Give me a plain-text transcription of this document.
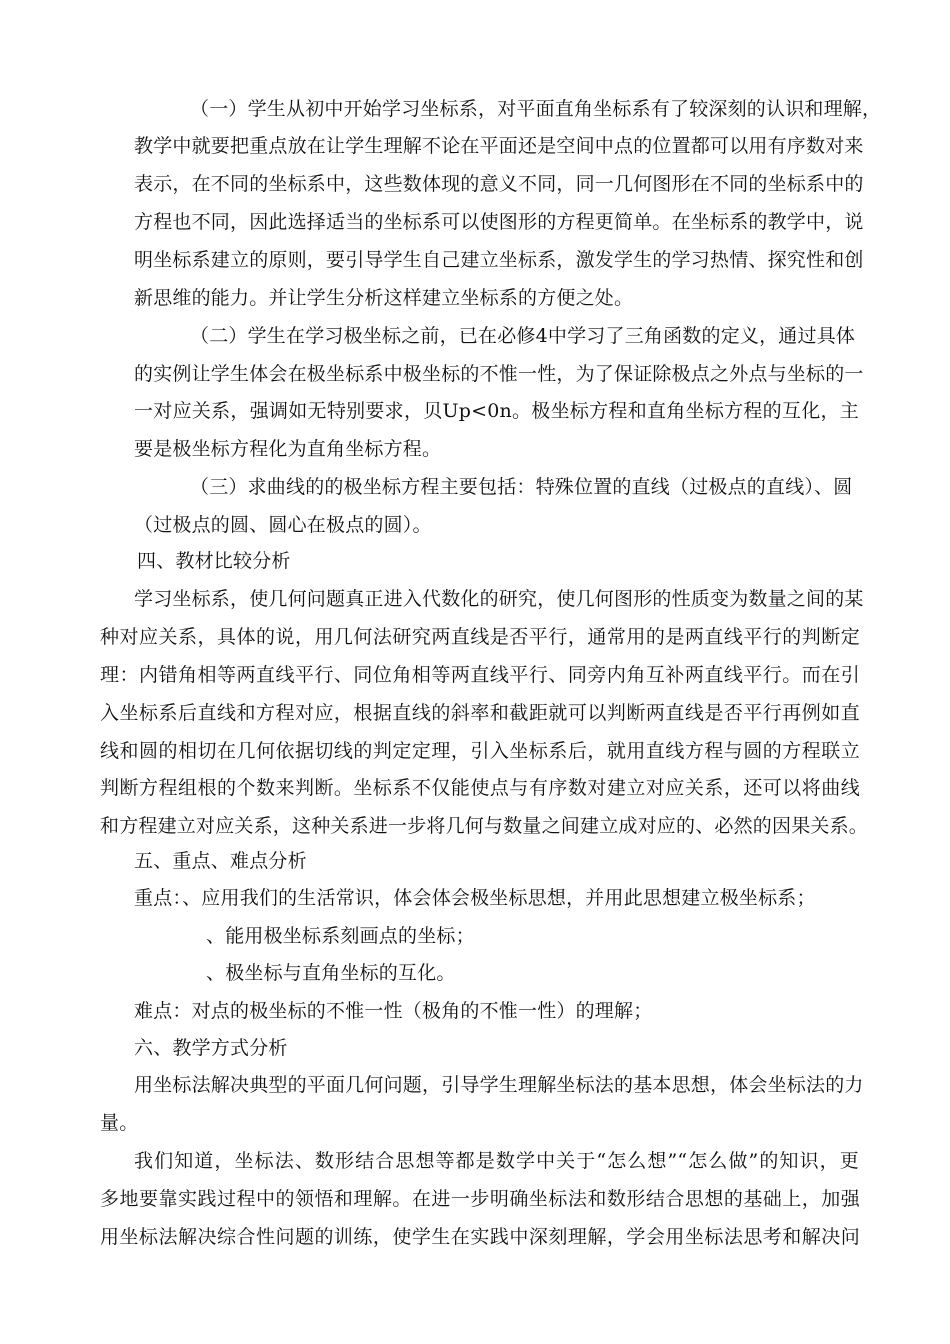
（一）学生从初中开始学习坐标系，对平面直角坐标系有了较深刻的认识和理解，
教学中就要把重点放在让学生理解不论在平面还是空间中点的位置都可以用有序数对来
表示，在不同的坐标系中，这些数体现的意义不同，同一几何图形在不同的坐标系中的
方程也不同，因此选择适当的坐标系可以使图形的方程更简单。在坐标系的教学中，说
明坐标系建立的原则，要引导学生自己建立坐标系，激发学生的学习热情、探究性和创
新思维的能力。并让学生分析这样建立坐标系的方便之处。
（二）学生在学习极坐标之前，已在必修4中学习了三角函数的定义，通过具体
的实例让学生体会在极坐标系中极坐标的不惟一性，为了保证除极点之外点与坐标的一
一对应关系，强调如无特别要求，贝Up<0n。极坐标方程和直角坐标方程的互化，主
要是极坐标方程化为直角坐标方程。
（三）求曲线的的极坐标方程主要包括：特殊位置的直线（过极点的直线）、圆
（过极点的圆、圆心在极点的圆）。
四、教材比较分析
学习坐标系，使几何问题真正进入代数化的研究，使几何图形的性质变为数量之间的某
种对应关系，具体的说，用几何法研究两直线是否平行，通常用的是两直线平行的判断定
理：内错角相等两直线平行、同位角相等两直线平行、同旁内角互补两直线平行。而在引
入坐标系后直线和方程对应，根据直线的斜率和截距就可以判断两直线是否平行再例如直
线和圆的相切在几何依据切线的判定定理，引入坐标系后，就用直线方程与圆的方程联立
判断方程组根的个数来判断。坐标系不仅能使点与有序数对建立对应关系，还可以将曲线
和方程建立对应关系，这种关系进一步将几何与数量之间建立成对应的、必然的因果关系。
五、重点、难点分析
重点：、应用我们的生活常识，体会体会极坐标思想，并用此思想建立极坐标系；
、能用极坐标系刻画点的坐标；
、极坐标与直角坐标的互化。
难点：对点的极坐标的不惟一性（极角的不惟一性）的理解；
六、教学方式分析
用坐标法解决典型的平面几何问题，引导学生理解坐标法的基本思想，体会坐标法的力
量。
我们知道，坐标法、数形结合思想等都是数学中关于“怎么想”“怎么做”的知识，更
多地要靠实践过程中的领悟和理解。在进一步明确坐标法和数形结合思想的基础上，加强
用坐标法解决综合性问题的训练，使学生在实践中深刻理解，学会用坐标法思考和解决问
